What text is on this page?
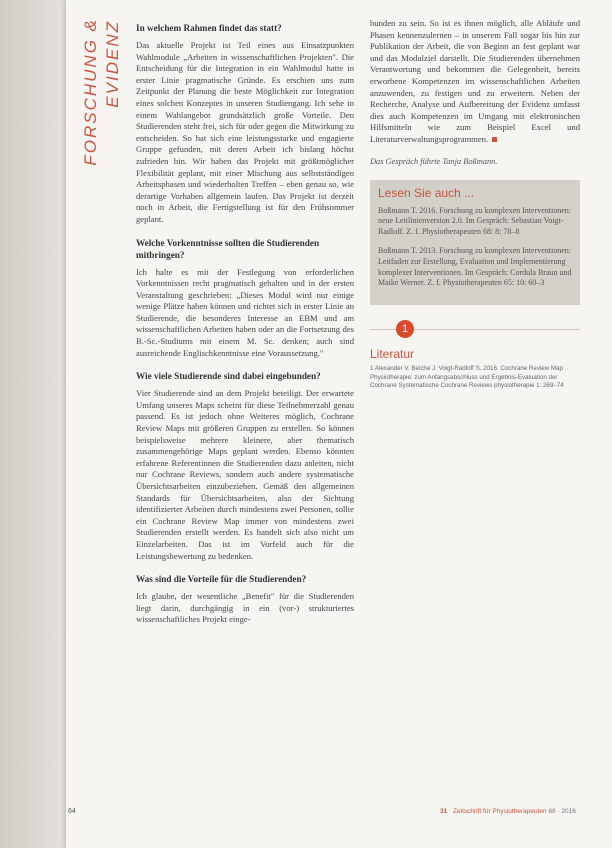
FORSCHUNG & EVIDENZ In welchem Rahmen findet das statt?

Das aktuelle Projekt ist Teil eines aus Einsatzpunkten Wahlmodule „Arbeiten in wissenschaftlichen Projekten". Die Entscheidung für die Integration in ein Wahlmodul hatte in erster Linie pragmatische Gründe. Es erschien uns zum Zeitpunkt der Planung die beste Möglichkeit zur Integration eines solchen Konzeptes in unseren Studiengang. Ich sehe in einem Wahlangebot grundsätzlich große Vorteile. Den Studierenden steht frei, sich für oder gegen die Mitwirkung zu entscheiden. So hat sich eine leistungsstarke und engagierte Gruppe gefunden, mit deren Arbeit ich bislang höchst zufrieden bin. Wir haben das Projekt mit größtmöglicher Flexibilität geplant, mit einer Mischung aus selbstständigen Arbeitsphasen und wiederholten Treffen – eben genau so, wie derartige Vorhaben allgemein laufen. Das Projekt ist derzeit noch in Arbeit, die Fertigstellung ist für den Frühsommer geplant.

Welche Vorkenntnisse sollten die Studierenden mitbringen?

Ich halte es mit der Festlegung von erforderlichen Vorkenntnissen recht pragmatisch gehalten und in der ersten Veranstaltung geschrieben: „Dieses Modul wird nur einige wenige Plätze haben können und richtet sich in erster Linie an Studierende, die besonderes Interesse an EBM und am wissenschaftlichen Arbeiten haben oder an die Fortsetzung des B.-Sc.-Studiums mit einem M. Sc. denken; auch sind ausreichende Englischkenntnisse eine Voraussetzung."

Wie viele Studierende sind dabei eingebunden?

Vier Studierende sind an dem Projekt beteiligt. Der erwartete Umfang unseres Maps scheint für diese Teilnehmerzahl genau passend. Es ist jedoch ohne Weiteres möglich, Cochrane Review Maps mit größeren Gruppen zu erstellen. So können beispielsweise mehrere kleinere, aber thematisch zusammengehörige Maps geplant werden. Ebenso könnten erfahrene Referentinnen die Studierenden dazu anleiten, nicht nur Cochrane Reviews, sondern auch andere systematische Übersichtsarbeiten einzubeziehen. Gemäß den allgemeinen Standards für Übersichtsarbeiten, also der Sichtung identifizierter Arbeiten durch mindestens zwei Personen, sollte ein Cochrane Review Map immer von mindestens zwei Studierenden erstellt werden. Es handelt sich also nicht um Einzelarbeiten. Das ist im Vorfeld auch für die Leistungsbewertung zu bedenken.

Was sind die Vorteile für die Studierenden?

Ich glaube, der wesentliche „Benefit" für die Studierenden liegt darin, durchgängig in ein (vor-) strukturiertes wissenschaftliches Projekt einge-

bunden zu sein. So ist es ihnen möglich, alle Abläufe und Phasen kennenzulernen – in unserem Fall sogar bis hin zur Publikation der Arbeit, die von Beginn an fest geplant war und das Modulziel darstellt. Die Studierenden übernehmen Verantwortung und bekommen die Gelegenheit, bereits erworbene Kompetenzen im wissenschaftlichen Arbeiten anzuwenden, zu festigen und zu erweitern. Neben der Recherche, Analyse und Aufbereitung der Evidenz umfasst dies auch Kompetenzen im Umgang mit elektronischen Hilfsmitteln wie zum Beispiel Excel und Literaturverwaltungsprogrammen.

Das Gespräch führte Tanja Boßmann.

Lesen Sie auch ...

Boßmann T. 2016. Forschung zu komplexen Interventionen: neue Leitlinienversion 2.0. Im Gespräch: Sebastian Voigt-Radloff. Z. f. Physiotherapeuten 68: 8: 78–8

Boßmann T. 2013. Forschung zu komplexen Interventionen: Leitfaden zur Erstellung, Evaluation und Implementierung komplexer Interventionen. Im Gespräch: Cordula Braun und Maike Werner. Z. f. Physiotherapeuten 65: 10: 60–3

1
Literatur

1 Alexander V. Beiche J. Voigt-Radloff S. 2016. Cochrane Review Map Physiotherapie: zum Anfangsabschluss und Ergebnis-Evaluation der Cochrane Systematische Cochrane Reviews physiotherapie 1: 269–74

64	31 Zeitschrift für Physiotherapeuten 68 · 2016
